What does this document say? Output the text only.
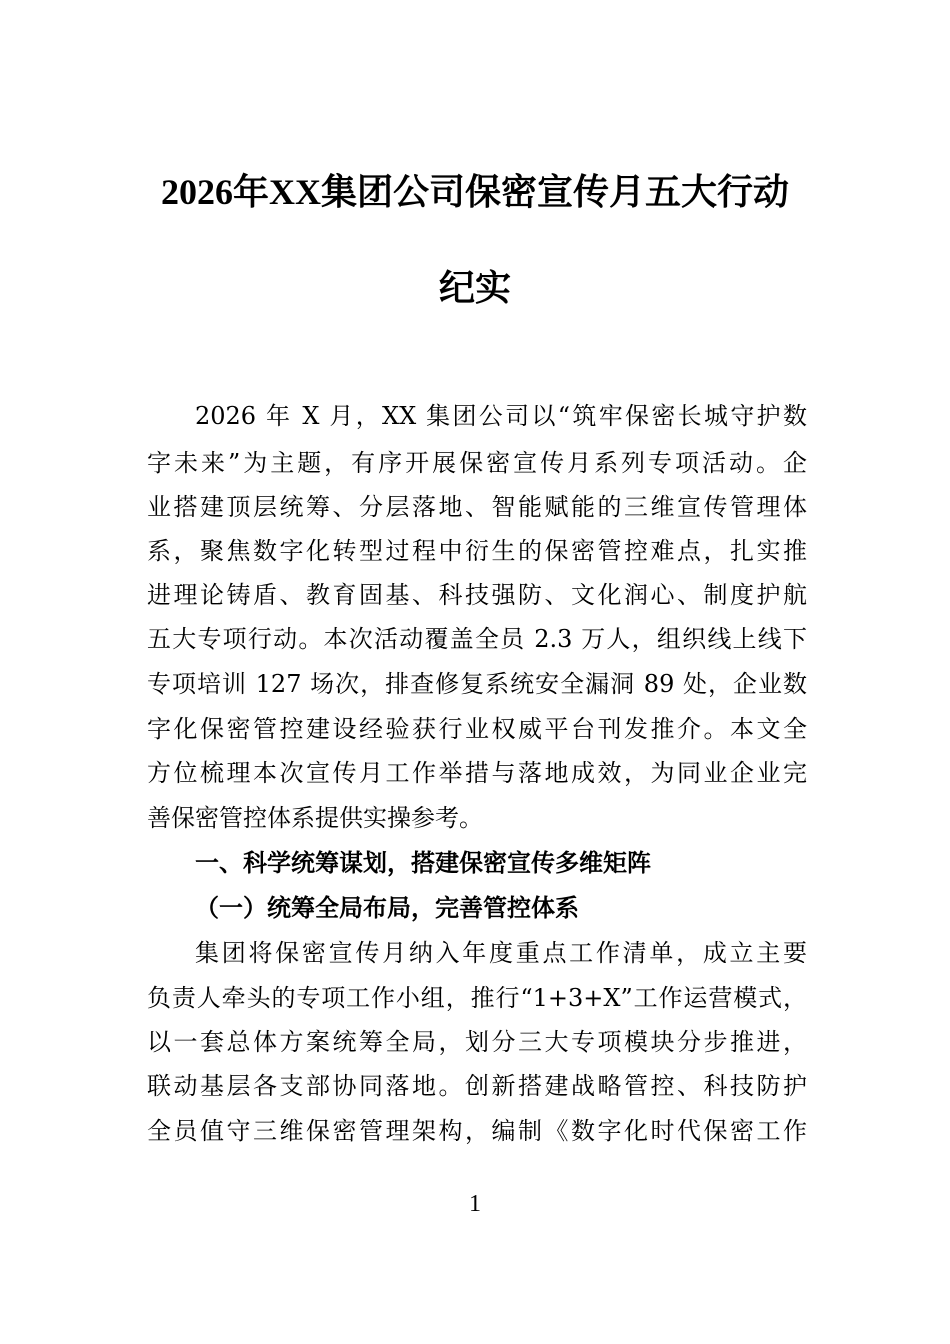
2026年XX集团公司保密宣传月五大行动
纪实

2026 年 X 月，XX 集团公司以“筑牢保密长城守护数

字未来”为主题，有序开展保密宣传月系列专项活动。企

业搭建顶层统筹、分层落地、智能赋能的三维宣传管理体

系，聚焦数字化转型过程中衍生的保密管控难点，扎实推

进理论铸盾、教育固基、科技强防、文化润心、制度护航

五大专项行动。本次活动覆盖全员 2.3 万人，组织线上线下

专项培训 127 场次，排查修复系统安全漏洞 89 处，企业数

字化保密管控建设经验获行业权威平台刊发推介。本文全

方位梳理本次宣传月工作举措与落地成效，为同业企业完

善保密管控体系提供实操参考。

一、科学统筹谋划，搭建保密宣传多维矩阵
（一）统筹全局布局，完善管控体系

集团将保密宣传月纳入年度重点工作清单，成立主要

负责人牵头的专项工作小组，推行“1+3+X”工作运营模式，

以一套总体方案统筹全局，划分三大专项模块分步推进，

联动基层各支部协同落地。创新搭建战略管控、科技防护

全员值守三维保密管理架构，编制《数字化时代保密工作

1
